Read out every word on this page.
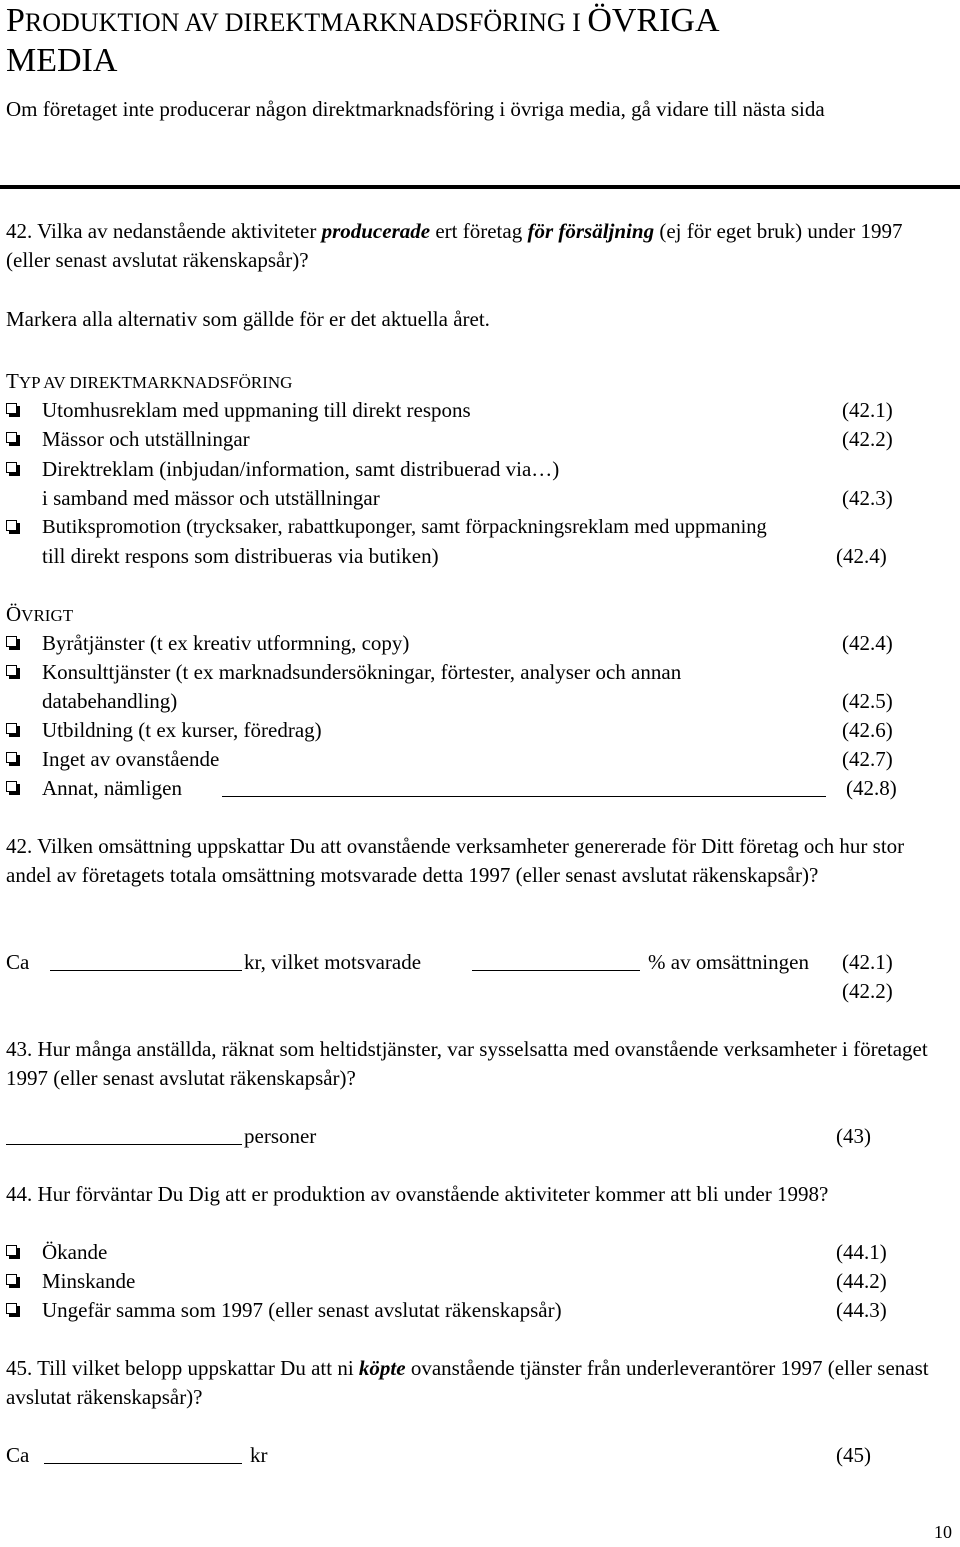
PRODUKTION AV DIREKTMARKNADSFÖRING I ÖVRIGA
MEDIA
Om företaget inte producerar någon direktmarknadsföring i övriga media, gå vidare till nästa sida
42. Vilka av nedanstående aktiviteter producerade ert företag för försäljning (ej för eget bruk) under 1997 (eller senast avslutat räkenskapsår)?
Markera alla alternativ som gällde för er det aktuella året.
TYP AV DIREKTMARKNADSFÖRING
Utomhusreklam med uppmaning till direkt respons	(42.1)
Mässor och utställningar	(42.2)
Direktreklam (inbjudan/information, samt distribuerad via…)
i samband med mässor och utställningar	(42.3)
Butikspromotion (trycksaker, rabattkuponger, samt förpackningsreklam med uppmaning
till direkt respons som distribueras via butiken)	(42.4)
ÖVRIGT
Byråtjänster (t ex kreativ utformning, copy)	(42.4)
Konsulttjänster (t ex marknadsundersökningar, förtester, analyser och annan
databehandling)	(42.5)
Utbildning (t ex kurser, föredrag)	(42.6)
Inget av ovanstående	(42.7)
Annat, nämligen	(42.8)
42. Vilken omsättning uppskattar Du att ovanstående verksamheter genererade för Ditt företag och hur stor andel av företagets totala omsättning motsvarade detta 1997 (eller senast avslutat räkenskapsår)?
Ca	kr, vilket motsvarade	% av omsättningen (42.1)
(42.2)
43. Hur många anställda, räknat som heltidstjänster, var sysselsatta med ovanstående verksamheter i företaget 1997 (eller senast avslutat räkenskapsår)?
personer	(43)
44. Hur förväntar Du Dig att er produktion av ovanstående aktiviteter kommer att bli under 1998?
Ökande	(44.1)
Minskande	(44.2)
Ungefär samma som 1997 (eller senast avslutat räkenskapsår)	(44.3)
45. Till vilket belopp uppskattar Du att ni köpte ovanstående tjänster från underleverantörer 1997 (eller senast avslutat räkenskapsår)?
Ca	kr	(45)
10
